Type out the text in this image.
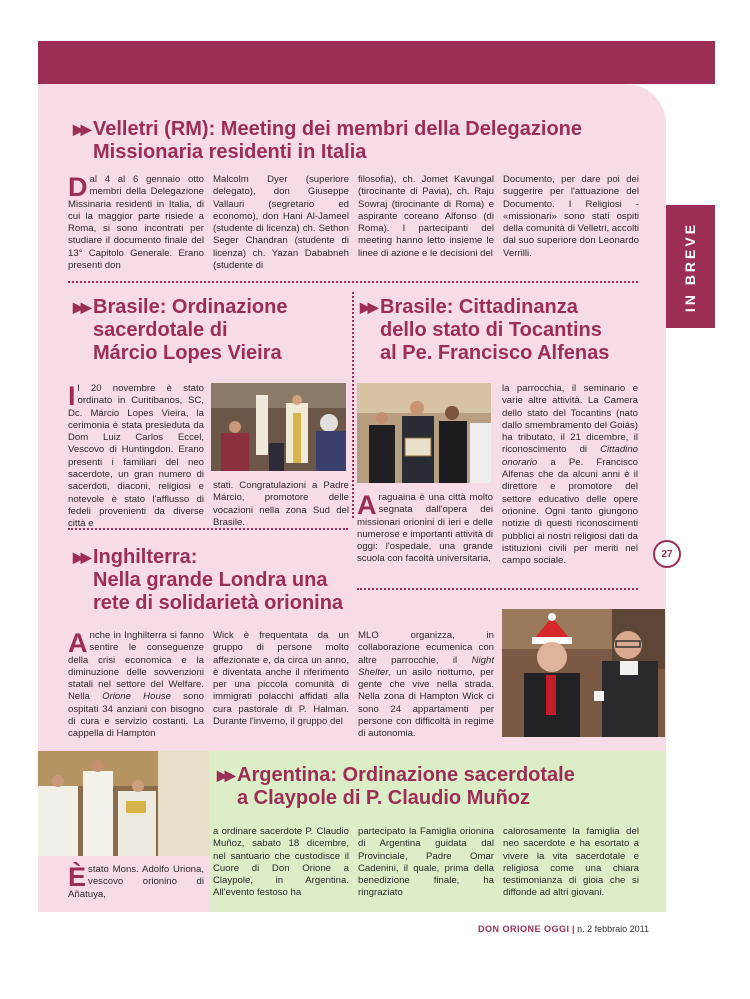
IN BREVE
27
▶▶ Velletri (RM): Meeting dei membri della Delegazione
Missionaria residenti in Italia

Dal 4 al 6 gennaio otto membri della Delegazione Missinaria residenti in Italia, di cui la maggior parte risiede a Roma, si sono incontrati per studiare il documento finale del 13° Capitolo Generale. Erano presenti don

Malcolm Dyer (superiore delegato), don Giuseppe Vallauri (segretario ed economo), don Hani Al-Jameel (studente di licenza) ch. Sethon Seger Chandran (studente di licenza) ch. Yazan Dababneh (studente di

filosofia), ch. Jomet Kavungal (tirocinante di Pavia), ch. Raju Sowraj (tirocinante di Roma) e aspirante coreano Alfonso (di Roma). I partecipanti del meeting hanno letto insieme le linee di azione e le decisioni del

Documento, per dare poi dei suggerire per l'attuazione del Documento. I Religiosi - «missionari» sono stati ospiti della comunità di Velletri, accolti dal suo superiore don Leonardo Verrilli.

▶▶ Brasile: Ordinazione
sacerdotale di
Márcio Lopes Vieira

Il 20 novembre è stato ordinato in Curitibanos, SC, Dc. Márcio Lopes Vieira, la cerimonia è stata presieduta da Dom Luiz Carlos Eccel, Vescovo di Huntingdon. Erano presenti i familiari del neo sacerdote, un gran numero di sacerdoti, diaconi, religiosi e notevole è stato l'afflusso di fedeli provenienti da diverse città e

stati. Congratulazioni a Padre Márcio, promotore delle vocazioni nella zona Sud del Brasile.

▶▶ Brasile: Cittadinanza
dello stato di Tocantins
al Pe. Francisco Alfenas

Araguaina è una città molto segnata dall'opera dei missionari orionini di ieri e delle numerose e importanti attività di oggi: l'ospedale, una grande scuola con facoltà universitaria,

la parrocchia, il seminario e varie altre attività. La Camera dello stato del Tocantins (nato dallo smembramento del Goiás) ha tributato, il 21 dicembre, il riconoscimento di Cittadino onorario a Pe. Francisco Alfenas che da alcuni anni è il direttore e promotore del settore educativo delle opere orionine. Ogni tanto giungono notizie di questi riconoscimenti pubblici ai nostri religiosi dati da istituzioni civili per meriti nel campo sociale.

▶▶ Inghilterra:
Nella grande Londra una
rete di solidarietà orionina

Anche in Inghilterra si fanno sentire le conseguenze della crisi economica e la diminuzione delle sovvenzioni statali nel settore del Welfare. Nella Orione House sono ospitati 34 anziani con bisogno di cura e servizio costanti. La cappella di Hampton

Wick è frequentata da un gruppo di persone molto affezionate e, da circa un anno, è diventata anche il riferimento per una piccola comunità di immigrati polacchi affidati alla cura pastorale di P. Halman. Durante l'inverno, il gruppo del

MLO organizza, in collaborazione ecumenica con altre parrocchie, il Night Shelter, un asilo notturno, per gente che vive nella strada. Nella zona di Hampton Wick ci sono 24 appartamenti per persone con difficoltà in regime di autonomia.

▶▶ Argentina: Ordinazione sacerdotale
a Claypole di P. Claudio Muñoz

Èstato Mons. Adolfo Uriona, vescovo orionino di Añatuya,

a ordinare sacerdote P. Claudio Muñoz, sabato 18 dicembre, nel santuario che custodisce il Cuore di Don Orione a Claypole, in Argentina. All'evento festoso ha

partecipato la Famiglia orionina di Argentina guidata dal Provinciale, Padre Omar Cadenini, il quale, prima della benedizione finale, ha ringraziato

calorosamente la famiglia del neo sacerdote e ha esortato a vivere la vita sacerdotale e religiosa come una chiara testimonianza di gioia che si diffonde ad altri giovani.

DON ORIONE OGGI | n. 2 febbraio 2011
